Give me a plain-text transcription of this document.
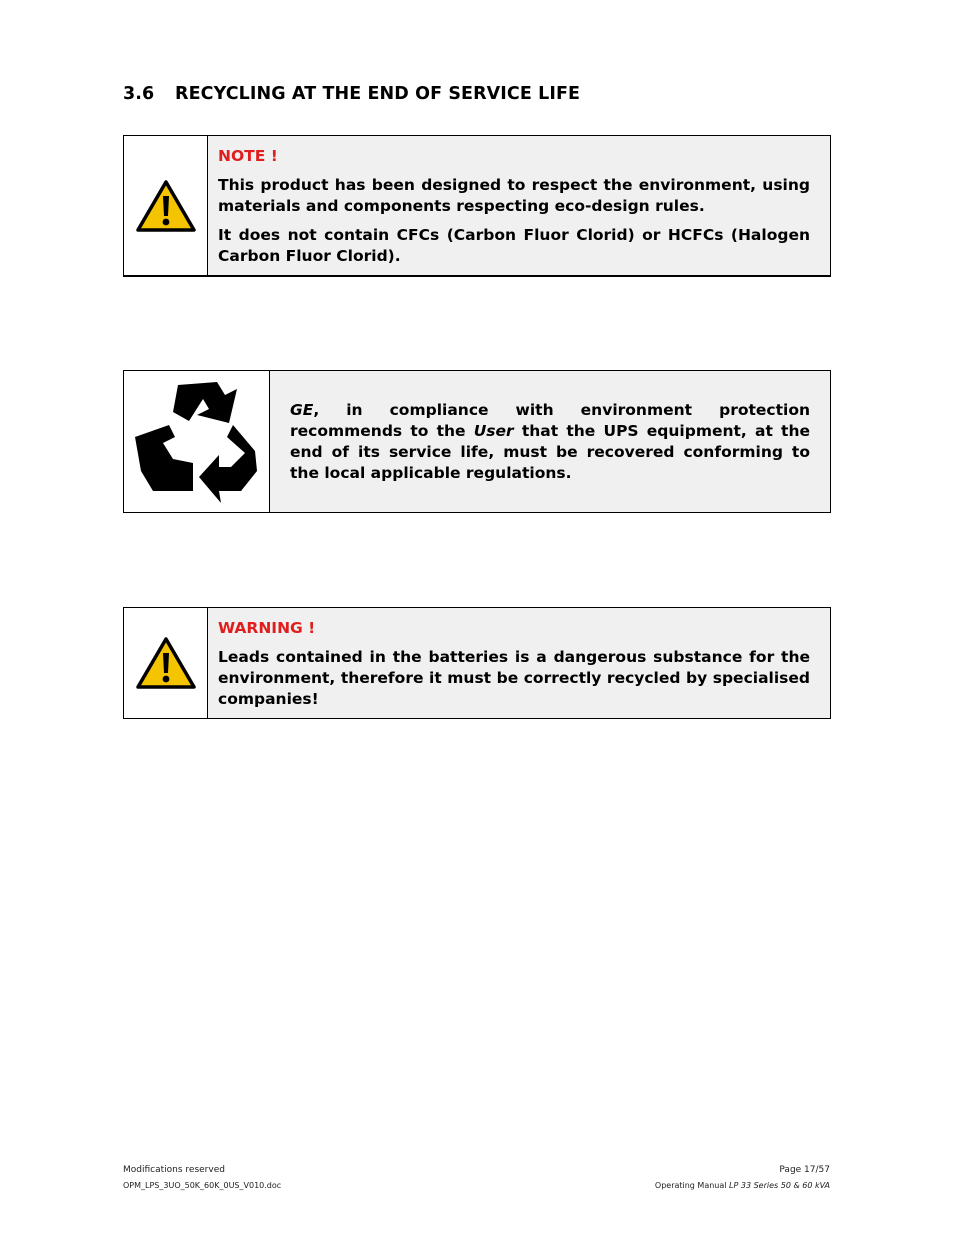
3.6 RECYCLING AT THE END OF SERVICE LIFE
NOTE !
This product has been designed to respect the environment, using materials and components respecting eco-design rules.
It does not contain CFCs (Carbon Fluor Clorid) or HCFCs (Halogen Carbon Fluor Clorid).
GE, in compliance with environment protection recommends to the User that the UPS equipment, at the end of its service life, must be recovered conforming to the local applicable regulations.
WARNING !
Leads contained in the batteries is a dangerous substance for the environment, therefore it must be correctly recycled by specialised companies!
Modifications reserved	Page 17/57
OPM_LPS_3UO_50K_60K_0US_V010.doc	Operating Manual LP 33 Series 50 & 60 kVA
